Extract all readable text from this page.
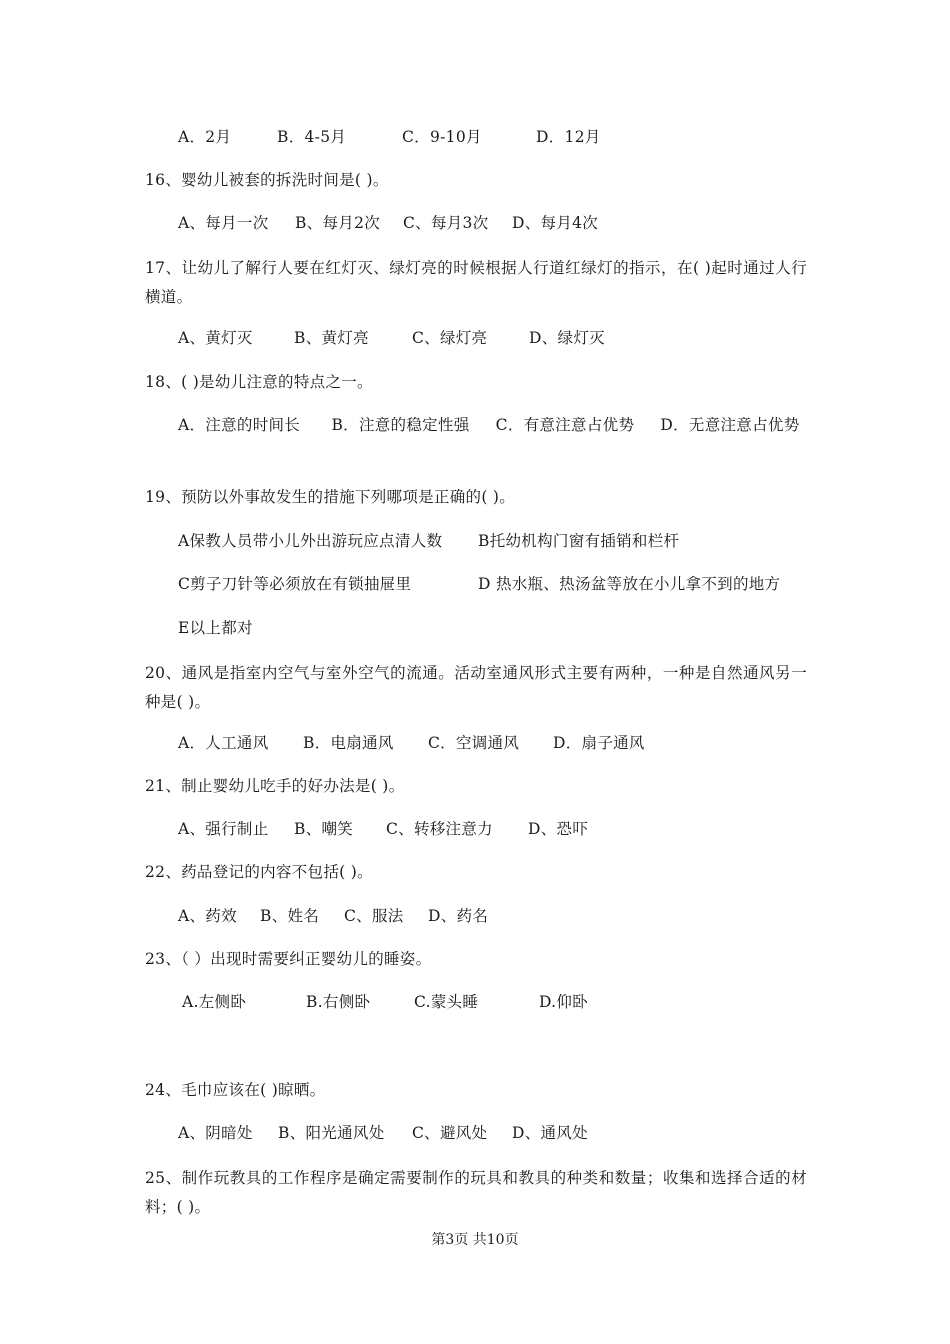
A．2月	B．4-5月	C．9-10月	D．12月
16、婴幼儿被套的拆洗时间是( )。
A、每月一次 B、每月2次 C、每月3次 D、每月4次
17、让幼儿了解行人要在红灯灭、绿灯亮的时候根据人行道红绿灯的指示，在( )起时通过人行横道。
A、黄灯灭	B、黄灯亮	C、绿灯亮	D、绿灯灭
18、( )是幼儿注意的特点之一。
A．注意的时间长      B．注意的稳定性强     C．有意注意占优势     D．无意注意占优势
19、预防以外事故发生的措施下列哪项是正确的( )。
A保教人员带小儿外出游玩应点清人数 B托幼机构门窗有插销和栏杆
C剪子刀针等必须放在有锁抽屉里	D 热水瓶、热汤盆等放在小儿拿不到的地方
E以上都对
20、通风是指室内空气与室外空气的流通。活动室通风形式主要有两种，一种是自然通风另一种是( )。
A．人工通风 B．电扇通风 C．空调通风 D．扇子通风
21、制止婴幼儿吃手的好办法是( )。
A、强行制止 B、嘲笑 C、转移注意力 D、恐吓
22、药品登记的内容不包括( )。
A、药效 B、姓名 C、服法 D、药名
23、（ ）出现时需要纠正婴幼儿的睡姿。
A.左侧卧	B.右侧卧	C.蒙头睡	D.仰卧
24、毛巾应该在( )晾晒。
A、阴暗处 B、阳光通风处 C、避风处 D、通风处
25、制作玩教具的工作程序是确定需要制作的玩具和教具的种类和数量；收集和选择合适的材料；( )。
第3页 共10页
